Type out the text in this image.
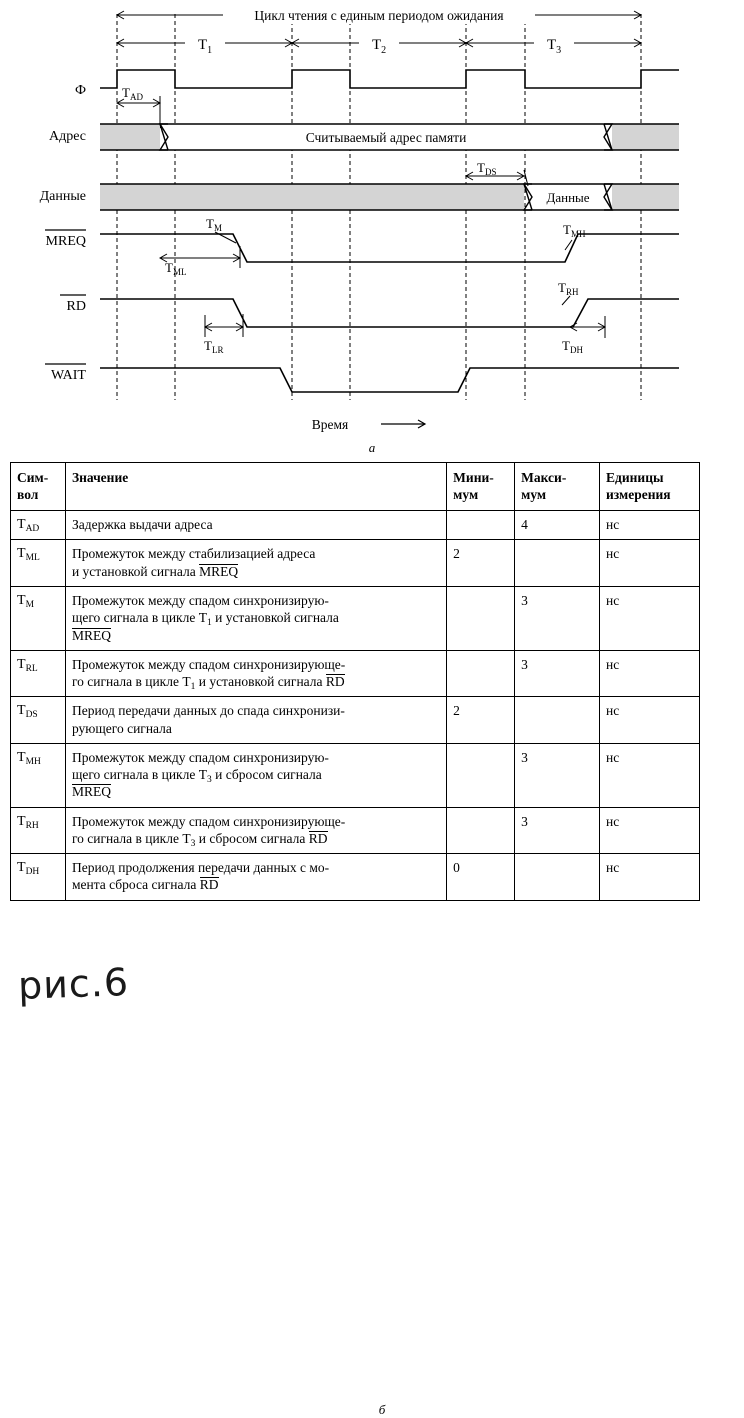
Цикл чтения с единым периодом ожидания
$T_1$	$T_2$	$T_3$
Ф	$T_{AD}$
Адрес	Считываемый адрес памяти
Данные	Данные
$T_{DS}$
MREQ
$T_M$
$T_{ML}$
$T_{MH}$
RD
$T_{LR}$
$T_{RH}$
$T_{DH}$
WAIT
Время
а
Сим-
вол	Значение	Мини-
мум	Макси-
мум	Единицы
измерения
$T_{AD}$	Задержка выдачи адреса		4	нс
$T_{ML}$	Промежуток между стабилизацией адреса
и установкой сигнала MREQ	2		нс
$T_M$	Промежуток между спадом синхронизирую-
щего сигнала в цикле $T_1$ и установкой сигнала
MREQ		3	нс
$T_{RL}$	Промежуток между спадом синхронизирующе-
го сигнала в цикле $T_1$ и установкой сигнала RD		3	нс
$T_{DS}$	Период передачи данных до спада синхронизи-
рующего сигнала	2		нс
$T_{MH}$	Промежуток между спадом синхронизирую-
щего сигнала в цикле $T_3$ и сбросом сигнала
MREQ		3	нс
$T_{RH}$	Промежуток между спадом синхронизирующе-
го сигнала в цикле $T_3$ и сбросом сигнала RD		3	нс
$T_{DH}$	Период продолжения передачи данных с мо-
мента сброса сигнала RD	0		нс
б
рис.6
